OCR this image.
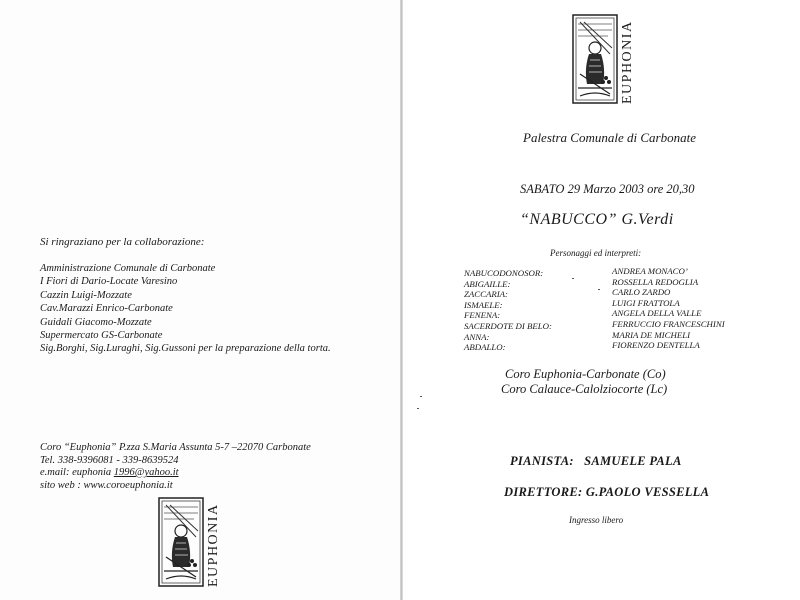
Si ringraziano per la collaborazione:
Amministrazione Comunale di Carbonate
I Fiori di Dario-Locate Varesino
Cazzin Luigi-Mozzate
Cav.Marazzi Enrico-Carbonate
Guidali Giacomo-Mozzate
Supermercato GS-Carbonate
Sig.Borghi, Sig.Luraghi, Sig.Gussoni per la preparazione della torta.
Coro “Euphonia” P.zza S.Maria Assunta 5-7 –22070 Carbonate
Tel. 338-9396081 - 339-8639524
e.mail: euphonia 1996@yahoo.it
sito web : www.coroeuphonia.it
EUPHONIA
EUPHONIA
Palestra Comunale di Carbonate
SABATO 29 Marzo 2003 ore 20,30
“NABUCCO” G.Verdi
Personaggi ed interpreti:
NABUCODONOSOR:
ABIGAILLE:
ZACCARIA:
ISMAELE:
FENENA:
SACERDOTE DI BELO:
ANNA:
ABDALLO:
ANDREA MONACO’
ROSSELLA REDOGLIA
CARLO ZARDO
LUIGI FRATTOLA
ANGELA DELLA VALLE
FERRUCCIO FRANCESCHINI
MARIA DE MICHELI
FIORENZO DENTELLA
Coro Euphonia-Carbonate (Co)
Coro Calauce-Calolziocorte (Lc)
PIANISTA:   SAMUELE PALA
DIRETTORE: G.PAOLO VESSELLA
Ingresso libero
